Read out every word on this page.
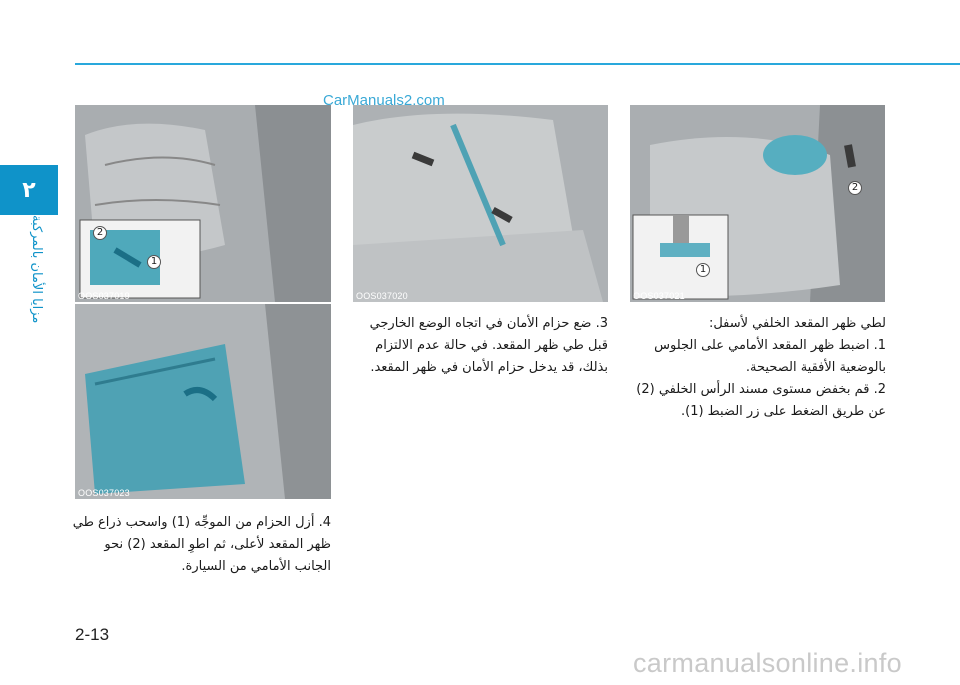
٢
مزايا الأمان بالمركبة	2
1
OOS037019
OOS037023
OOS037020
2
1
OOS037021
CarManuals2.com

لطي ظهر المقعد الخلفي لأسفل:

1. اضبط ظهر المقعد الأمامي على الجلوس

بالوضعية الأفقية الصحيحة.

2. قم بخفض مستوى مسند الرأس الخلفي (2)

عن طريق الضغط على زر الضبط (1).

3. ضع حزام الأمان في اتجاه الوضع الخارجي

قبل طي ظهر المقعد. في حالة عدم الالتزام

بذلك، قد يدخل حزام الأمان في ظهر المقعد.

4. أزل الحزام من الموجِّه (1) واسحب ذراع طي

ظهر المقعد لأعلى، ثم اطوِ المقعد (2) نحو

الجانب الأمامي من السيارة.

2-13
carmanualsonline.info
